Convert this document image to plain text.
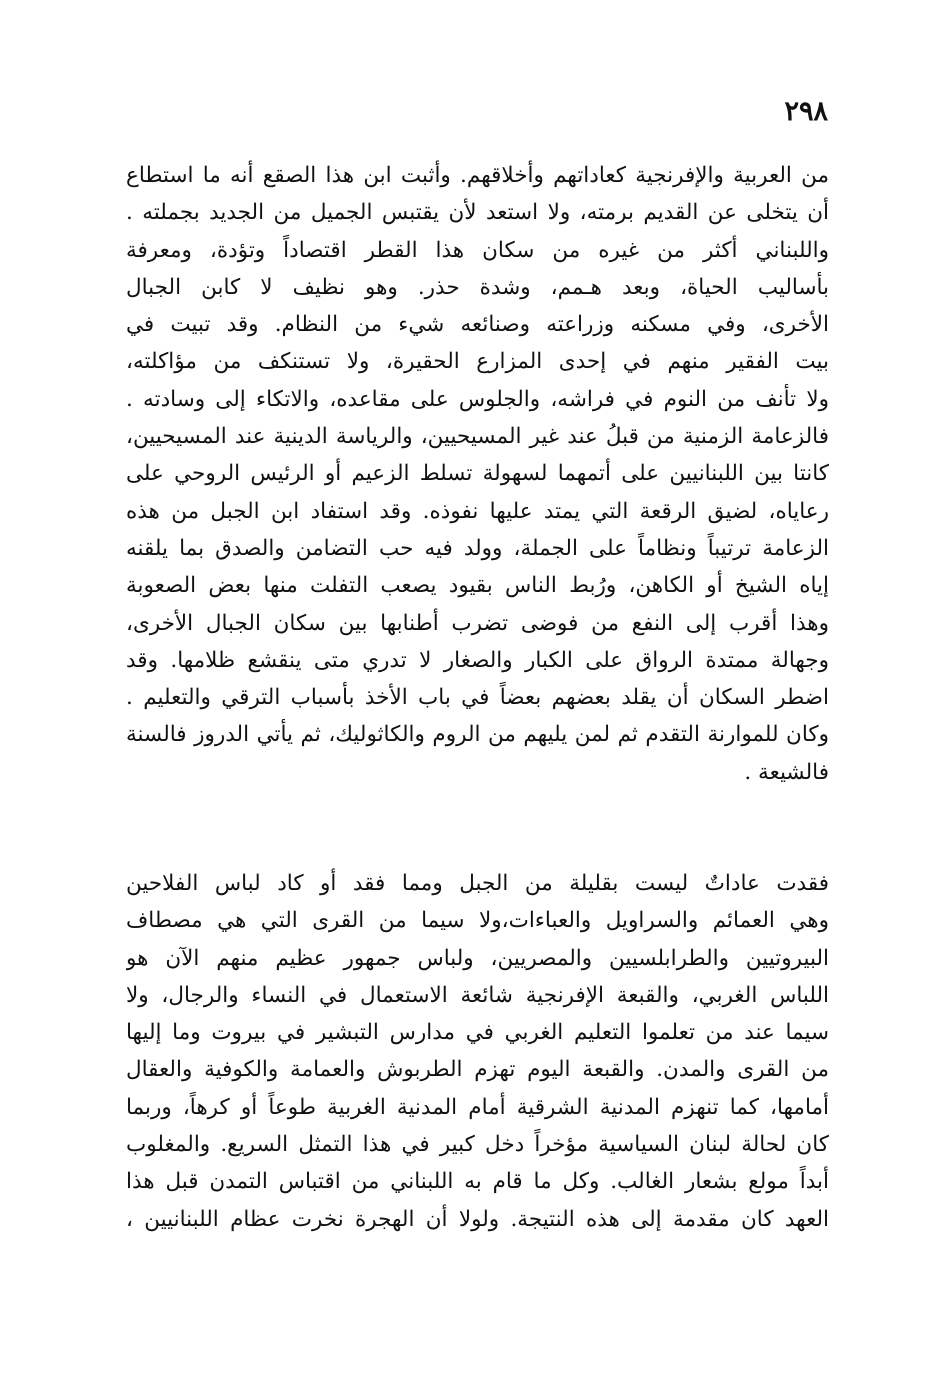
٢٩٨
من العربية والإفرنجية كعاداتهم وأخلاقهم. وأثبت ابن هذا الصقع أنه ما استطاع
أن يتخلى عن القديم برمته، ولا استعد لأن يقتبس الجميل من الجديد بجملته .
واللبناني أكثر من غيره من سكان هذا القطر اقتصاداً وتؤدة، ومعرفة
بأساليب الحياة، وبعد هـمم، وشدة حذر. وهو نظيف لا كابن الجبال
الأخرى، وفي مسكنه وزراعته وصنائعه شيء من النظام. وقد تبيت في
بيت الفقير منهم في إحدى المزارع الحقيرة، ولا تستنكف من مؤاكلته،
ولا تأنف من النوم في فراشه، والجلوس على مقاعده، والاتكاء إلى وسادته .
فالزعامة الزمنية من قبلُ عند غير المسيحيين، والرياسة الدينية عند المسيحيين،
كانتا بين اللبنانيين على أتمهما لسهولة تسلط الزعيم أو الرئيس الروحي على
رعاياه، لضيق الرقعة التي يمتد عليها نفوذه. وقد استفاد ابن الجبل من هذه
الزعامة ترتيباً ونظاماً على الجملة، وولد فيه حب التضامن والصدق بما يلقنه
إياه الشيخ أو الكاهن، ورُبط الناس بقيود يصعب التفلت منها بعض الصعوبة
وهذا أقرب إلى النفع من فوضى تضرب أطنابها بين سكان الجبال الأخرى،
وجهالة ممتدة الرواق على الكبار والصغار لا تدري متى ينقشع ظلامها. وقد
اضطر السكان أن يقلد بعضهم بعضاً في باب الأخذ بأسباب الترقي والتعليم .
وكان للموارنة التقدم ثم لمن يليهم من الروم والكاثوليك، ثم يأتي الدروز فالسنة
فالشيعة .
فقدت عاداتٌ ليست بقليلة من الجبل ومما فقد أو كاد لباس الفلاحين
وهي العمائم والسراويل والعباءات،ولا سيما من القرى التي هي مصطاف
البيروتيين والطرابلسيين والمصريين، ولباس جمهور عظيم منهم الآن هو
اللباس الغربي، والقبعة الإفرنجية شائعة الاستعمال في النساء والرجال، ولا
سيما عند من تعلموا التعليم الغربي في مدارس التبشير في بيروت وما إليها
من القرى والمدن. والقبعة اليوم تهزم الطربوش والعمامة والكوفية والعقال
أمامها، كما تنهزم المدنية الشرقية أمام المدنية الغربية طوعاً أو كرهاً، وربما
كان لحالة لبنان السياسية مؤخراً دخل كبير في هذا التمثل السريع. والمغلوب
أبداً مولع بشعار الغالب. وكل ما قام به اللبناني من اقتباس التمدن قبل هذا
العهد كان مقدمة إلى هذه النتيجة. ولولا أن الهجرة نخرت عظام اللبنانيين ،
